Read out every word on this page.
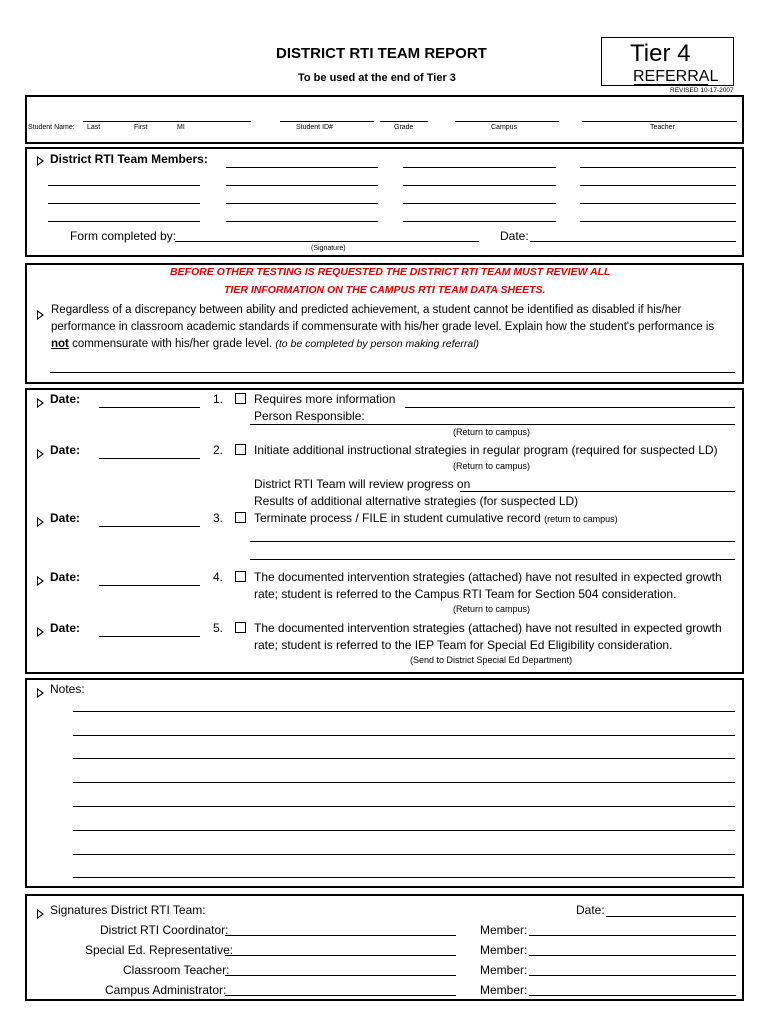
DISTRICT RTI TEAM REPORT
To be used at the end of Tier 3
Tier 4
REFERRAL
REVISED 10-17-2007
Student Name: Last	First	MI	Student ID#	Grade	Campus	Teacher
District RTI Team Members:
Form completed by:
(Signature)
Date:
BEFORE OTHER TESTING IS REQUESTED THE DISTRICT RTI TEAM MUST REVIEW ALL
TIER INFORMATION ON THE CAMPUS RTI TEAM DATA SHEETS.
Regardless of a discrepancy between ability and predicted achievement, a student cannot be identified as disabled if his/her
performance in classroom academic standards if commensurate with his/her grade level. Explain how the student's performance is
not commensurate with his/her grade level. (to be completed by person making referral)
Date:	1.	Requires more information
Person Responsible:
(Return to campus)
Date:	2.	Initiate additional instructional strategies in regular program (required for suspected LD)
(Return to campus)
District RTI Team will review progress on
Results of additional alternative strategies (for suspected LD)
Date:	3.	Terminate process / FILE in student cumulative record (return to campus)
Date:	4.	The documented intervention strategies (attached) have not resulted in expected growth
rate; student is referred to the Campus RTI Team for Section 504 consideration.
(Return to campus)
Date:	5.	The documented intervention strategies (attached) have not resulted in expected growth
rate; student is referred to the IEP Team for Special Ed Eligibility consideration.
(Send to District Special Ed Department)
Notes:
Signatures District RTI Team:	Date:
District RTI Coordinator:	Member:
Special Ed. Representative:	Member:
Classroom Teacher:	Member:
Campus Administrator:	Member:
